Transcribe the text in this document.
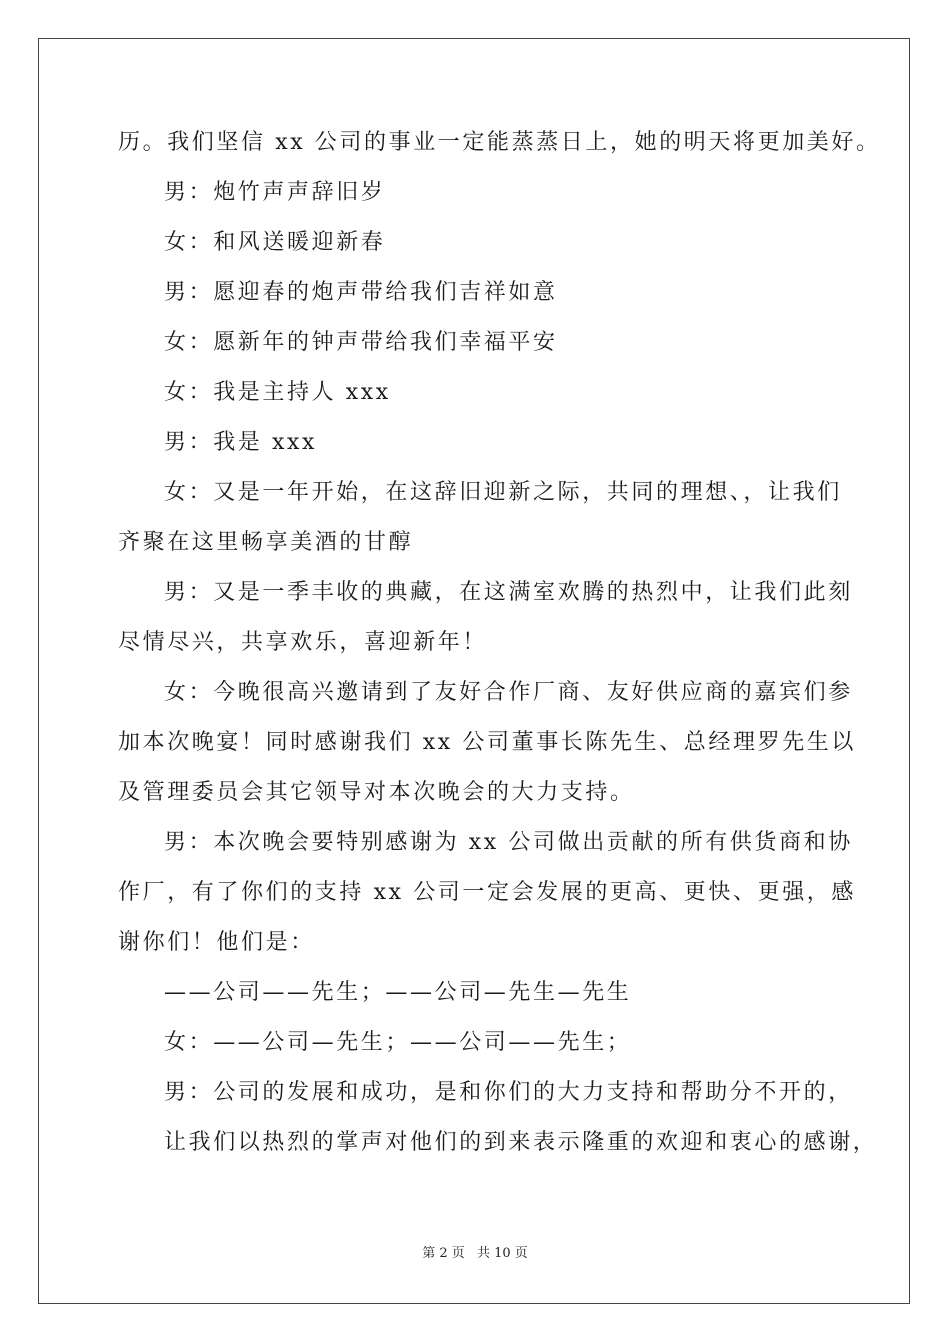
历。我们坚信 xx 公司的事业一定能蒸蒸日上，她的明天将更加美好。
男：炮竹声声辞旧岁
女：和风送暖迎新春
男：愿迎春的炮声带给我们吉祥如意
女：愿新年的钟声带给我们幸福平安
女：我是主持人 xxx
男：我是 xxx
女：又是一年开始，在这辞旧迎新之际，共同的理想、，让我们
齐聚在这里畅享美酒的甘醇
男：又是一季丰收的典藏，在这满室欢腾的热烈中，让我们此刻
尽情尽兴，共享欢乐，喜迎新年！
女：今晚很高兴邀请到了友好合作厂商、友好供应商的嘉宾们参
加本次晚宴！同时感谢我们 xx 公司董事长陈先生、总经理罗先生以
及管理委员会其它领导对本次晚会的大力支持。
男：本次晚会要特别感谢为 xx 公司做出贡献的所有供货商和协
作厂，有了你们的支持 xx 公司一定会发展的更高、更快、更强，感
谢你们！他们是：
——公司——先生；——公司—先生—先生
女：——公司—先生；——公司——先生；
男：公司的发展和成功，是和你们的大力支持和帮助分不开的，
让我们以热烈的掌声对他们的到来表示隆重的欢迎和衷心的感谢，
第 2 页 共 10 页
